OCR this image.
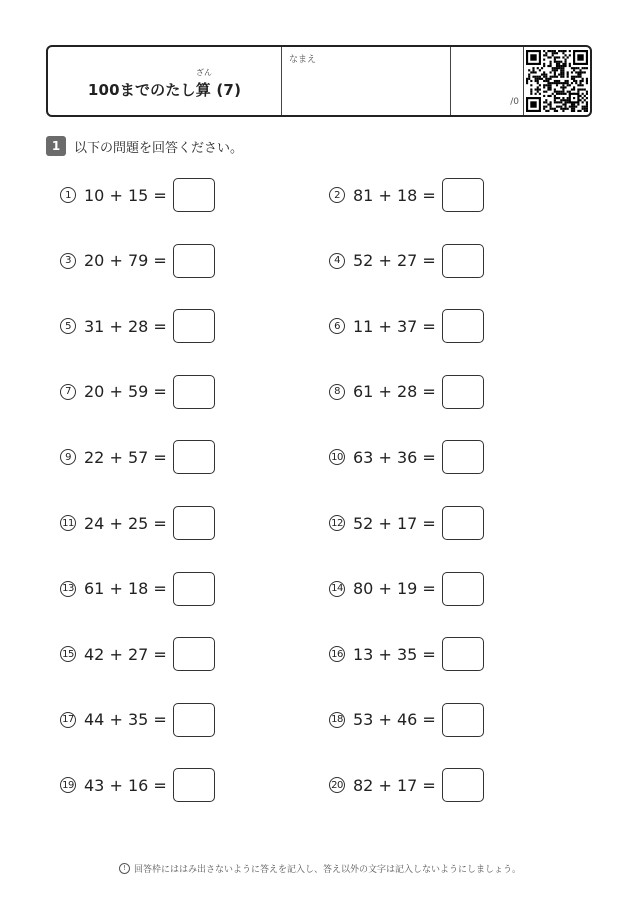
ざん
100までのたし算 (7)
なまえ
/0
1	以下の問題を回答ください。
1 10 + 15 =	2 81 + 18 =
3 20 + 79 =	4 52 + 27 =
5 31 + 28 =	6 11 + 37 =
7 20 + 59 =	8 61 + 28 =
9 22 + 57 =	10 63 + 36 =
11 24 + 25 =	12 52 + 17 =
13 61 + 18 =	14 80 + 19 =
15 42 + 27 =	16 13 + 35 =
17 44 + 35 =	18 53 + 46 =
19 43 + 16 =	20 82 + 17 =
! 回答枠にははみ出さないように答えを記入し、答え以外の文字は記入しないようにしましょう。
